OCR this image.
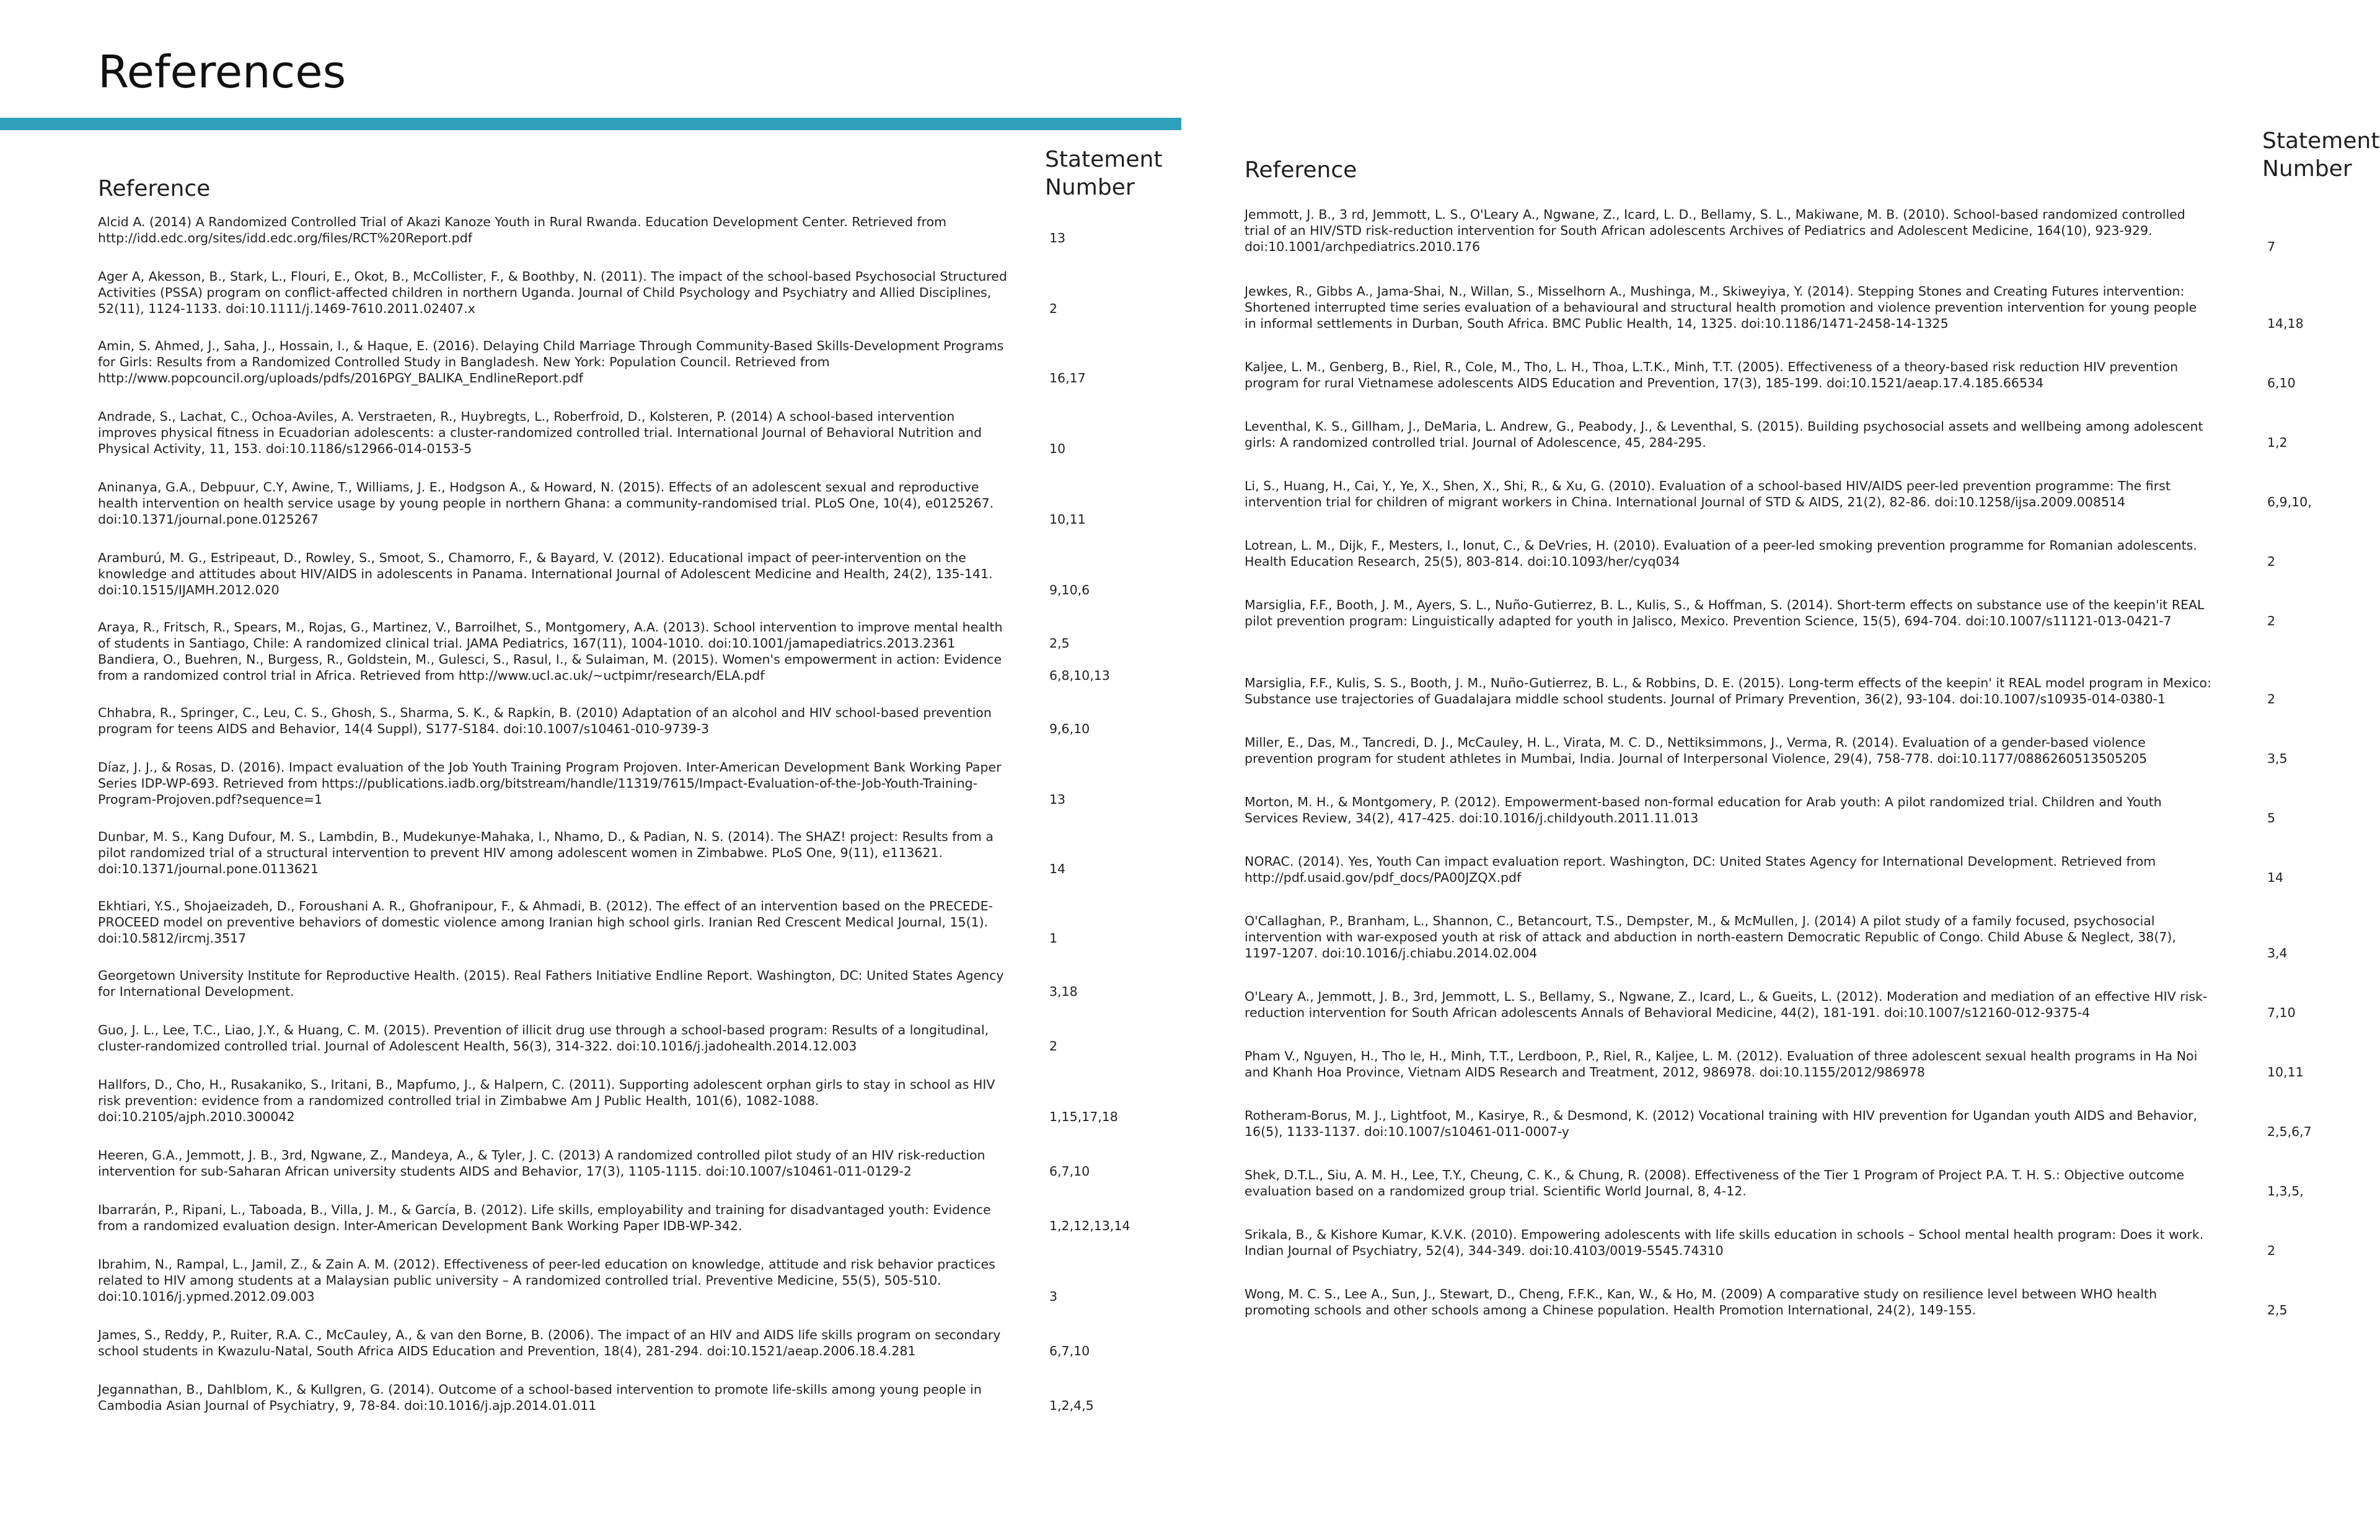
References
Reference
Statement
Number
Alcid A. (2014) A Randomized Controlled Trial of Akazi Kanoze Youth in Rural Rwanda. Education Development Center. Retrieved from http://idd.edc.org/sites/idd.edc.org/files/RCT%20Report.pdf	13
Ager A, Akesson, B., Stark, L., Flouri, E., Okot, B., McCollister, F., & Boothby, N. (2011). The impact of the school-based Psychosocial Structured Activities (PSSA) program on conflict-affected children in northern Uganda. Journal of Child Psychology and Psychiatry and Allied Disciplines, 52(11), 1124-1133. doi:10.1111/j.1469-7610.2011.02407.x	2
Amin, S. Ahmed, J., Saha, J., Hossain, I., & Haque, E. (2016). Delaying Child Marriage Through Community-Based Skills-Development Programs for Girls: Results from a Randomized Controlled Study in Bangladesh. New York: Population Council. Retrieved from http://www.popcouncil.org/uploads/pdfs/2016PGY_BALIKA_EndlineReport.pdf	16,17
Andrade, S., Lachat, C., Ochoa-Aviles, A. Verstraeten, R., Huybregts, L., Roberfroid, D., Kolsteren, P. (2014) A school-based intervention improves physical fitness in Ecuadorian adolescents: a cluster-randomized controlled trial. International Journal of Behavioral Nutrition and Physical Activity, 11, 153. doi:10.1186/s12966-014-0153-5	10
Aninanya, G.A., Debpuur, C.Y, Awine, T., Williams, J. E., Hodgson A., & Howard, N. (2015). Effects of an adolescent sexual and reproductive health intervention on health service usage by young people in northern Ghana: a community-randomised trial. PLoS One, 10(4), e0125267. doi:10.1371/journal.pone.0125267	10,11
Aramburú, M. G., Estripeaut, D., Rowley, S., Smoot, S., Chamorro, F., & Bayard, V. (2012). Educational impact of peer-intervention on the knowledge and attitudes about HIV/AIDS in adolescents in Panama. International Journal of Adolescent Medicine and Health, 24(2), 135-141. doi:10.1515/IJAMH.2012.020	9,10,6
Araya, R., Fritsch, R., Spears, M., Rojas, G., Martinez, V., Barroilhet, S., Montgomery, A.A. (2013). School intervention to improve mental health of students in Santiago, Chile: A randomized clinical trial. JAMA Pediatrics, 167(11), 1004-1010. doi:10.1001/jamapediatrics.2013.2361	2,5
Bandiera, O., Buehren, N., Burgess, R., Goldstein, M., Gulesci, S., Rasul, I., & Sulaiman, M. (2015). Women's empowerment in action: Evidence from a randomized control trial in Africa. Retrieved from http://www.ucl.ac.uk/~uctpimr/research/ELA.pdf	6,8,10,13
Chhabra, R., Springer, C., Leu, C. S., Ghosh, S., Sharma, S. K., & Rapkin, B. (2010) Adaptation of an alcohol and HIV school-based prevention program for teens AIDS and Behavior, 14(4 Suppl), S177-S184. doi:10.1007/s10461-010-9739-3	9,6,10
Díaz, J. J., & Rosas, D. (2016). Impact evaluation of the Job Youth Training Program Projoven. Inter-American Development Bank Working Paper Series IDP-WP-693. Retrieved from https://publications.iadb.org/bitstream/handle/11319/7615/Impact-Evaluation-of-the-Job-Youth-Training-Program-Projoven.pdf?sequence=1	13
Dunbar, M. S., Kang Dufour, M. S., Lambdin, B., Mudekunye-Mahaka, I., Nhamo, D., & Padian, N. S. (2014). The SHAZ! project: Results from a pilot randomized trial of a structural intervention to prevent HIV among adolescent women in Zimbabwe. PLoS One, 9(11), e113621. doi:10.1371/journal.pone.0113621	14
Ekhtiari, Y.S., Shojaeizadeh, D., Foroushani A. R., Ghofranipour, F., & Ahmadi, B. (2012). The effect of an intervention based on the PRECEDE-PROCEED model on preventive behaviors of domestic violence among Iranian high school girls. Iranian Red Crescent Medical Journal, 15(1). doi:10.5812/ircmj.3517	1
Georgetown University Institute for Reproductive Health. (2015). Real Fathers Initiative Endline Report. Washington, DC: United States Agency for International Development.	3,18
Guo, J. L., Lee, T.C., Liao, J.Y., & Huang, C. M. (2015). Prevention of illicit drug use through a school-based program: Results of a longitudinal, cluster-randomized controlled trial. Journal of Adolescent Health, 56(3), 314-322. doi:10.1016/j.jadohealth.2014.12.003	2
Hallfors, D., Cho, H., Rusakaniko, S., Iritani, B., Mapfumo, J., & Halpern, C. (2011). Supporting adolescent orphan girls to stay in school as HIV risk prevention: evidence from a randomized controlled trial in Zimbabwe Am J Public Health, 101(6), 1082-1088. doi:10.2105/ajph.2010.300042	1,15,17,18
Heeren, G.A., Jemmott, J. B., 3rd, Ngwane, Z., Mandeya, A., & Tyler, J. C. (2013) A randomized controlled pilot study of an HIV risk-reduction intervention for sub-Saharan African university students AIDS and Behavior, 17(3), 1105-1115. doi:10.1007/s10461-011-0129-2	6,7,10
Ibarrarán, P., Ripani, L., Taboada, B., Villa, J. M., & García, B. (2012). Life skills, employability and training for disadvantaged youth: Evidence from a randomized evaluation design. Inter-American Development Bank Working Paper IDB-WP-342.	1,2,12,13,14
Ibrahim, N., Rampal, L., Jamil, Z., & Zain A. M. (2012). Effectiveness of peer-led education on knowledge, attitude and risk behavior practices related to HIV among students at a Malaysian public university – A randomized controlled trial. Preventive Medicine, 55(5), 505-510. doi:10.1016/j.ypmed.2012.09.003	3
James, S., Reddy, P., Ruiter, R.A. C., McCauley, A., & van den Borne, B. (2006). The impact of an HIV and AIDS life skills program on secondary school students in Kwazulu-Natal, South Africa AIDS Education and Prevention, 18(4), 281-294. doi:10.1521/aeap.2006.18.4.281	6,7,10
Jegannathan, B., Dahlblom, K., & Kullgren, G. (2014). Outcome of a school-based intervention to promote life-skills among young people in Cambodia Asian Journal of Psychiatry, 9, 78-84. doi:10.1016/j.ajp.2014.01.011	1,2,4,5
Reference
Statement
Number
Jemmott, J. B., 3 rd, Jemmott, L. S., O'Leary A., Ngwane, Z., Icard, L. D., Bellamy, S. L., Makiwane, M. B. (2010). School-based randomized controlled trial of an HIV/STD risk-reduction intervention for South African adolescents Archives of Pediatrics and Adolescent Medicine, 164(10), 923-929. doi:10.1001/archpediatrics.2010.176	7
Jewkes, R., Gibbs A., Jama-Shai, N., Willan, S., Misselhorn A., Mushinga, M., Skiweyiya, Y. (2014). Stepping Stones and Creating Futures intervention: Shortened interrupted time series evaluation of a behavioural and structural health promotion and violence prevention intervention for young people in informal settlements in Durban, South Africa. BMC Public Health, 14, 1325. doi:10.1186/1471-2458-14-1325	14,18
Kaljee, L. M., Genberg, B., Riel, R., Cole, M., Tho, L. H., Thoa, L.T.K., Minh, T.T. (2005). Effectiveness of a theory-based risk reduction HIV prevention program for rural Vietnamese adolescents AIDS Education and Prevention, 17(3), 185-199. doi:10.1521/aeap.17.4.185.66534	6,10
Leventhal, K. S., Gillham, J., DeMaria, L. Andrew, G., Peabody, J., & Leventhal, S. (2015). Building psychosocial assets and wellbeing among adolescent girls: A randomized controlled trial. Journal of Adolescence, 45, 284-295.	1,2
Li, S., Huang, H., Cai, Y., Ye, X., Shen, X., Shi, R., & Xu, G. (2010). Evaluation of a school-based HIV/AIDS peer-led prevention programme: The first intervention trial for children of migrant workers in China. International Journal of STD & AIDS, 21(2), 82-86. doi:10.1258/ijsa.2009.008514	6,9,10,
Lotrean, L. M., Dijk, F., Mesters, I., Ionut, C., & DeVries, H. (2010). Evaluation of a peer-led smoking prevention programme for Romanian adolescents. Health Education Research, 25(5), 803-814. doi:10.1093/her/cyq034	2
Marsiglia, F.F., Booth, J. M., Ayers, S. L., Nuño-Gutierrez, B. L., Kulis, S., & Hoffman, S. (2014). Short-term effects on substance use of the keepin'it REAL pilot prevention program: Linguistically adapted for youth in Jalisco, Mexico. Prevention Science, 15(5), 694-704. doi:10.1007/s11121-013-0421-7	2
Marsiglia, F.F., Kulis, S. S., Booth, J. M., Nuño-Gutierrez, B. L., & Robbins, D. E. (2015). Long-term effects of the keepin' it REAL model program in Mexico: Substance use trajectories of Guadalajara middle school students. Journal of Primary Prevention, 36(2), 93-104. doi:10.1007/s10935-014-0380-1	2
Miller, E., Das, M., Tancredi, D. J., McCauley, H. L., Virata, M. C. D., Nettiksimmons, J., Verma, R. (2014). Evaluation of a gender-based violence prevention program for student athletes in Mumbai, India. Journal of Interpersonal Violence, 29(4), 758-778. doi:10.1177/0886260513505205	3,5
Morton, M. H., & Montgomery, P. (2012). Empowerment-based non-formal education for Arab youth: A pilot randomized trial. Children and Youth Services Review, 34(2), 417-425. doi:10.1016/j.childyouth.2011.11.013	5
NORAC. (2014). Yes, Youth Can impact evaluation report. Washington, DC: United States Agency for International Development. Retrieved from http://pdf.usaid.gov/pdf_docs/PA00JZQX.pdf	14
O'Callaghan, P., Branham, L., Shannon, C., Betancourt, T.S., Dempster, M., & McMullen, J. (2014) A pilot study of a family focused, psychosocial intervention with war-exposed youth at risk of attack and abduction in north-eastern Democratic Republic of Congo. Child Abuse & Neglect, 38(7), 1197-1207. doi:10.1016/j.chiabu.2014.02.004	3,4
O'Leary A., Jemmott, J. B., 3rd, Jemmott, L. S., Bellamy, S., Ngwane, Z., Icard, L., & Gueits, L. (2012). Moderation and mediation of an effective HIV risk-reduction intervention for South African adolescents Annals of Behavioral Medicine, 44(2), 181-191. doi:10.1007/s12160-012-9375-4	7,10
Pham V., Nguyen, H., Tho le, H., Minh, T.T., Lerdboon, P., Riel, R., Kaljee, L. M. (2012). Evaluation of three adolescent sexual health programs in Ha Noi and Khanh Hoa Province, Vietnam AIDS Research and Treatment, 2012, 986978. doi:10.1155/2012/986978	10,11
Rotheram-Borus, M. J., Lightfoot, M., Kasirye, R., & Desmond, K. (2012) Vocational training with HIV prevention for Ugandan youth AIDS and Behavior, 16(5), 1133-1137. doi:10.1007/s10461-011-0007-y	2,5,6,7
Shek, D.T.L., Siu, A. M. H., Lee, T.Y., Cheung, C. K., & Chung, R. (2008). Effectiveness of the Tier 1 Program of Project P.A. T. H. S.: Objective outcome evaluation based on a randomized group trial. Scientific World Journal, 8, 4-12.	1,3,5,
Srikala, B., & Kishore Kumar, K.V.K. (2010). Empowering adolescents with life skills education in schools – School mental health program: Does it work. Indian Journal of Psychiatry, 52(4), 344-349. doi:10.4103/0019-5545.74310	2
Wong, M. C. S., Lee A., Sun, J., Stewart, D., Cheng, F.F.K., Kan, W., & Ho, M. (2009) A comparative study on resilience level between WHO health promoting schools and other schools among a Chinese population. Health Promotion International, 24(2), 149-155.	2,5
